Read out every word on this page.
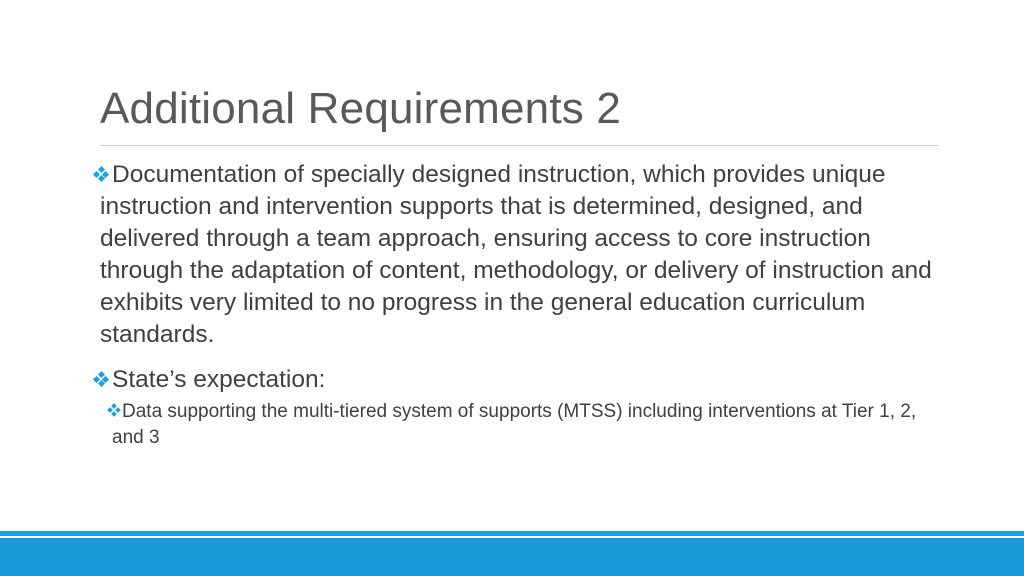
Additional Requirements 2
Documentation of specially designed instruction, which provides unique instruction and intervention supports that is determined, designed, and delivered through a team approach, ensuring access to core instruction through the adaptation of content, methodology, or delivery of instruction and exhibits very limited to no progress in the general education curriculum standards.
State’s expectation:
Data supporting the multi-tiered system of supports (MTSS) including interventions at Tier 1, 2, and 3
